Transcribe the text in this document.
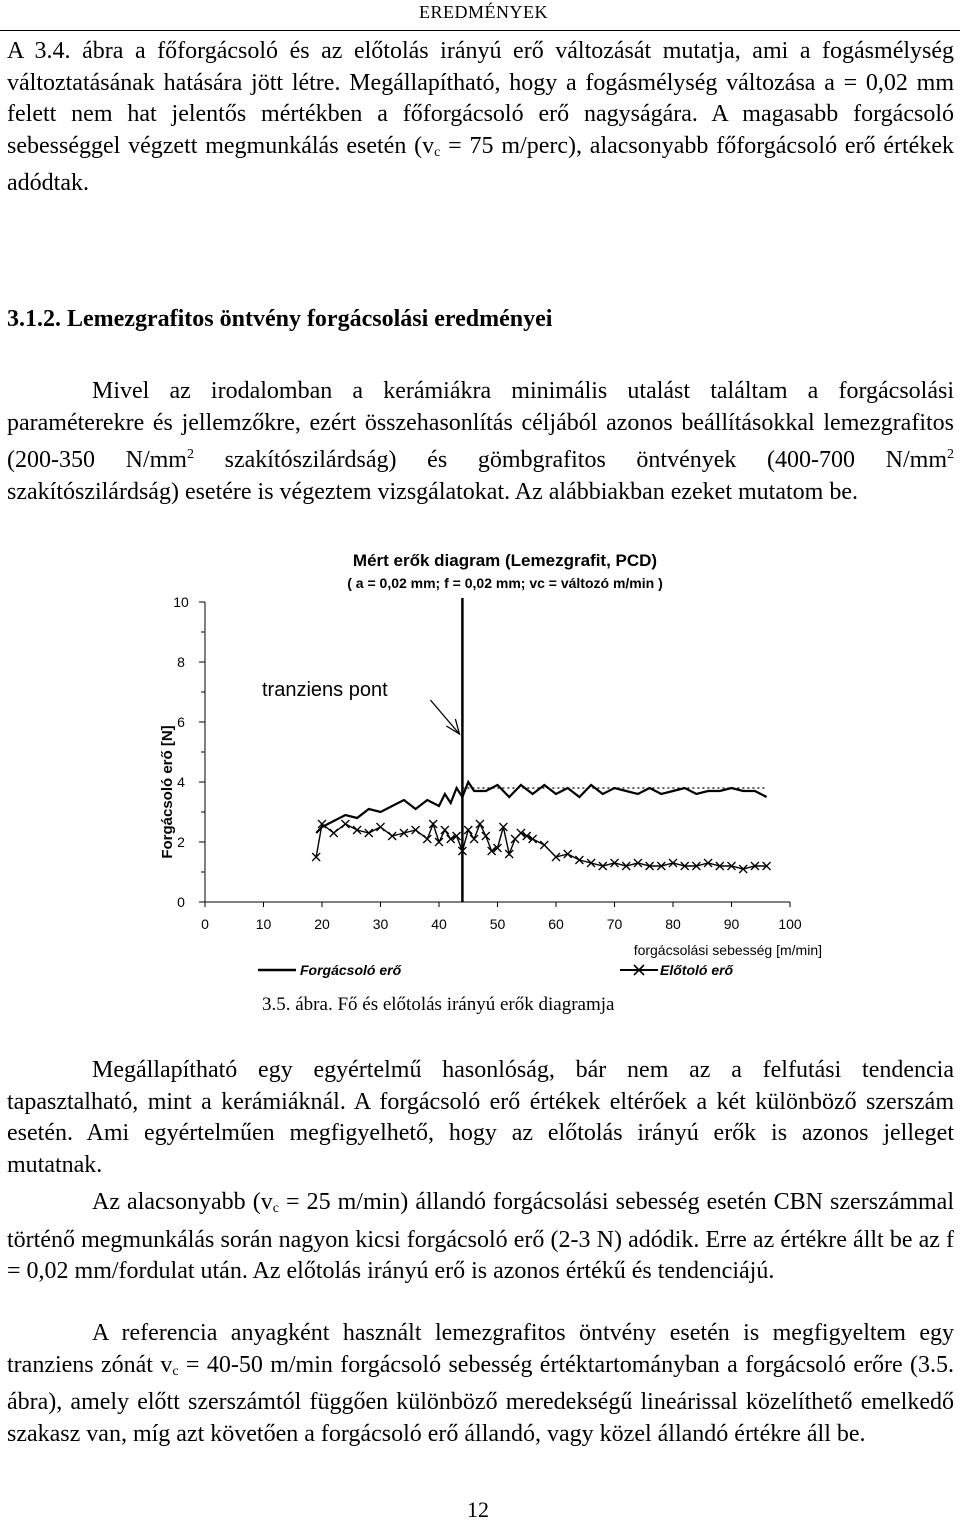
EREDMÉNYEK

A 3.4. ábra a főforgácsoló és az előtolás irányú erő változását mutatja, ami a fogásmélység változtatásának hatására jött létre. Megállapítható, hogy a fogásmélység változása a = 0,02 mm felett nem hat jelentős mértékben a főforgácsoló erő nagyságára. A magasabb forgácsoló sebességgel végzett megmunkálás esetén ($v_c = 75$ m/perc), alacsonyabb főforgácsoló erő értékek adódtak.

3.1.2. Lemezgrafitos öntvény forgácsolási eredményei

Mivel az irodalomban a kerámiákra minimális utalást találtam a forgácsolási paraméterekre és jellemzőkre, ezért összehasonlítás céljából azonos beállításokkal lemezgrafitos (200-350 $N/mm^2$ szakítószilárdság) és gömbgrafitos öntvények (400-700 $N/mm^2$ szakítószilárdság) esetére is végeztem vizsgálatokat. Az alábbiakban ezeket mutatom be.

Mért erők diagram (Lemezgrafit, PCD)
( a = 0,02 mm; f = 0,02 mm; vc = változó m/min )
Forgácsoló erő [N]
forgácsolási sebesség [m/min]
0
2
4
6
8
10
0	10	20	30	40	50	60	70	80	90	100
tranziens pont
Forgácsoló erő	Előtoló erő
3.5. ábra. Fő és előtolás irányú erők diagramja

Megállapítható egy egyértelmű hasonlóság, bár nem az a felfutási tendencia tapasztalható, mint a kerámiáknál. A forgácsoló erő értékek eltérőek a két különböző szerszám esetén. Ami egyértelműen megfigyelhető, hogy az előtolás irányú erők is azonos jelleget mutatnak.

Az alacsonyabb ($v_c = 25$ m/min) állandó forgácsolási sebesség esetén CBN szerszámmal történő megmunkálás során nagyon kicsi forgácsoló erő (2-3 N) adódik. Erre az értékre állt be az f = 0,02 mm/fordulat után. Az előtolás irányú erő is azonos értékű és tendenciájú.

A referencia anyagként használt lemezgrafitos öntvény esetén is megfigyeltem egy tranziens zónát $v_c = 40-50$ m/min forgácsoló sebesség értéktartományban a forgácsoló erőre (3.5. ábra), amely előtt szerszámtól függően különböző meredekségű lineárissal közelíthető emelkedő szakasz van, míg azt követően a forgácsoló erő állandó, vagy közel állandó értékre áll be.

12
